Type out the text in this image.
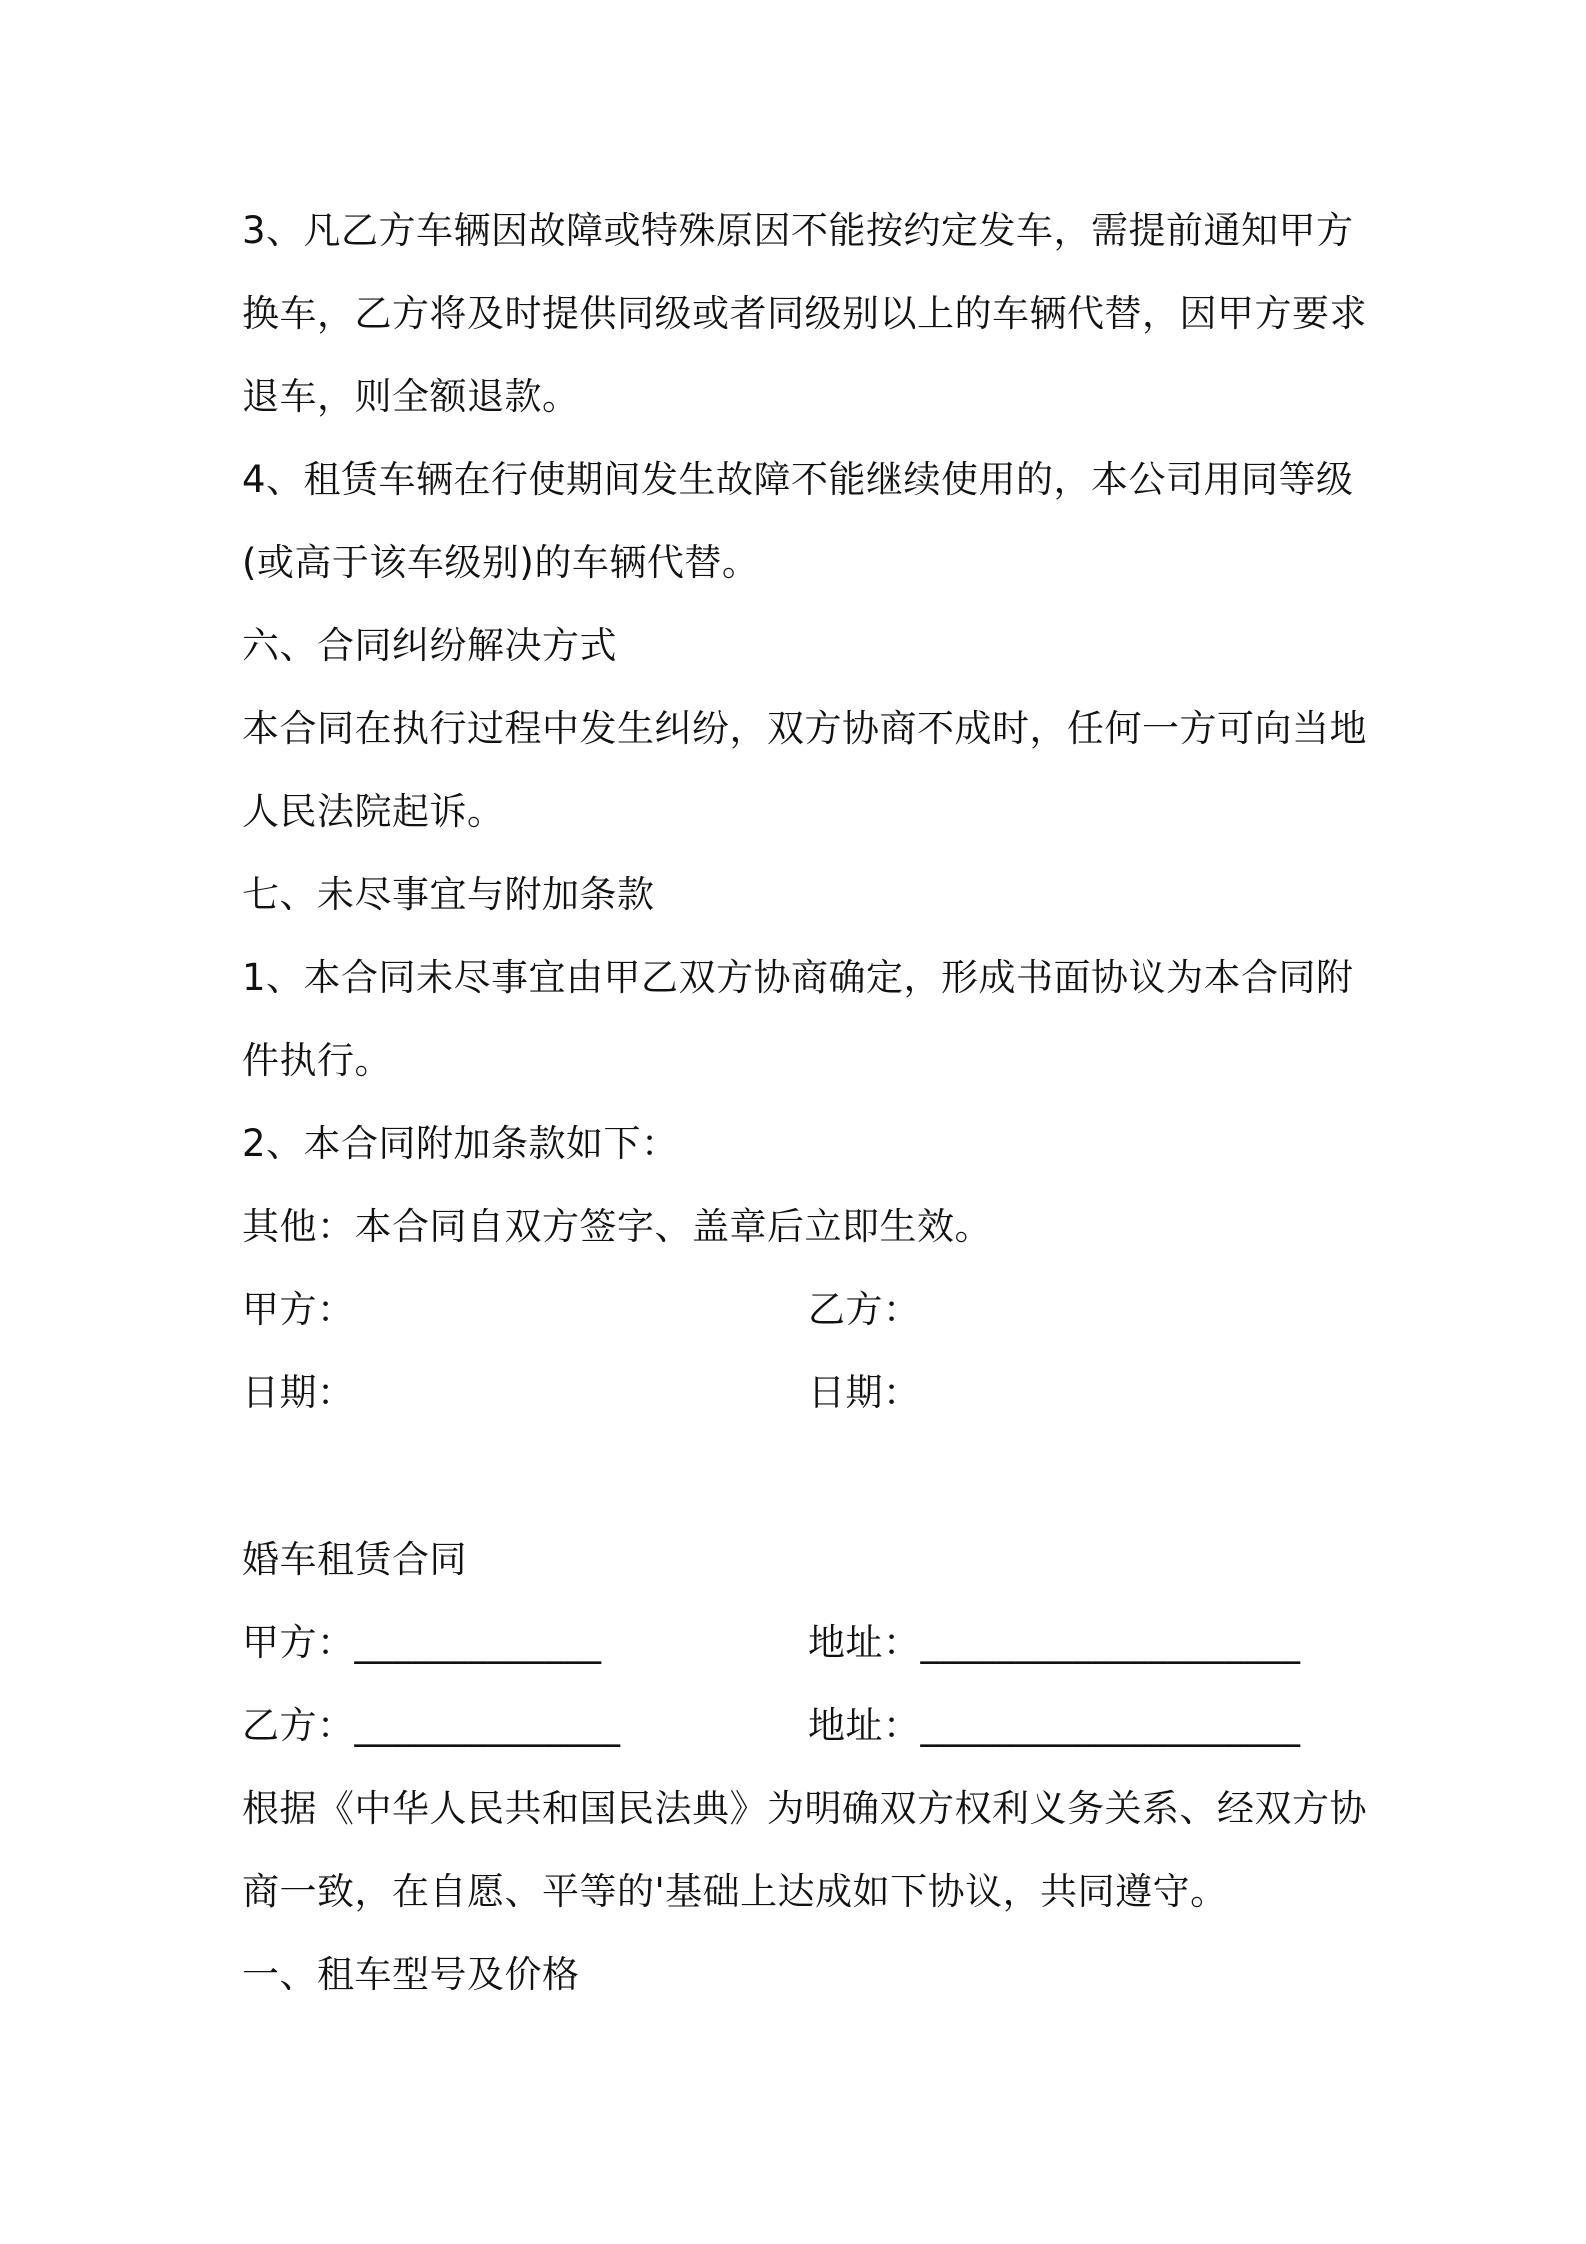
3、凡乙方车辆因故障或特殊原因不能按约定发车，需提前通知甲方
换车，乙方将及时提供同级或者同级别以上的车辆代替，因甲方要求
退车，则全额退款。
4、租赁车辆在行使期间发生故障不能继续使用的，本公司用同等级
(或高于该车级别)的车辆代替。
六、合同纠纷解决方式
本合同在执行过程中发生纠纷，双方协商不成时，任何一方可向当地
人民法院起诉。
七、未尽事宜与附加条款
1、本合同未尽事宜由甲乙双方协商确定，形成书面协议为本合同附
件执行。
2、本合同附加条款如下：
其他：本合同自双方签字、盖章后立即生效。
甲方：	乙方：
日期：	日期：
婚车租赁合同
甲方：_____________	地址：____________________
乙方：______________	地址：____________________
根据《中华人民共和国民法典》为明确双方权利义务关系、经双方协
商一致，在自愿、平等的'基础上达成如下协议，共同遵守。
一、租车型号及价格
